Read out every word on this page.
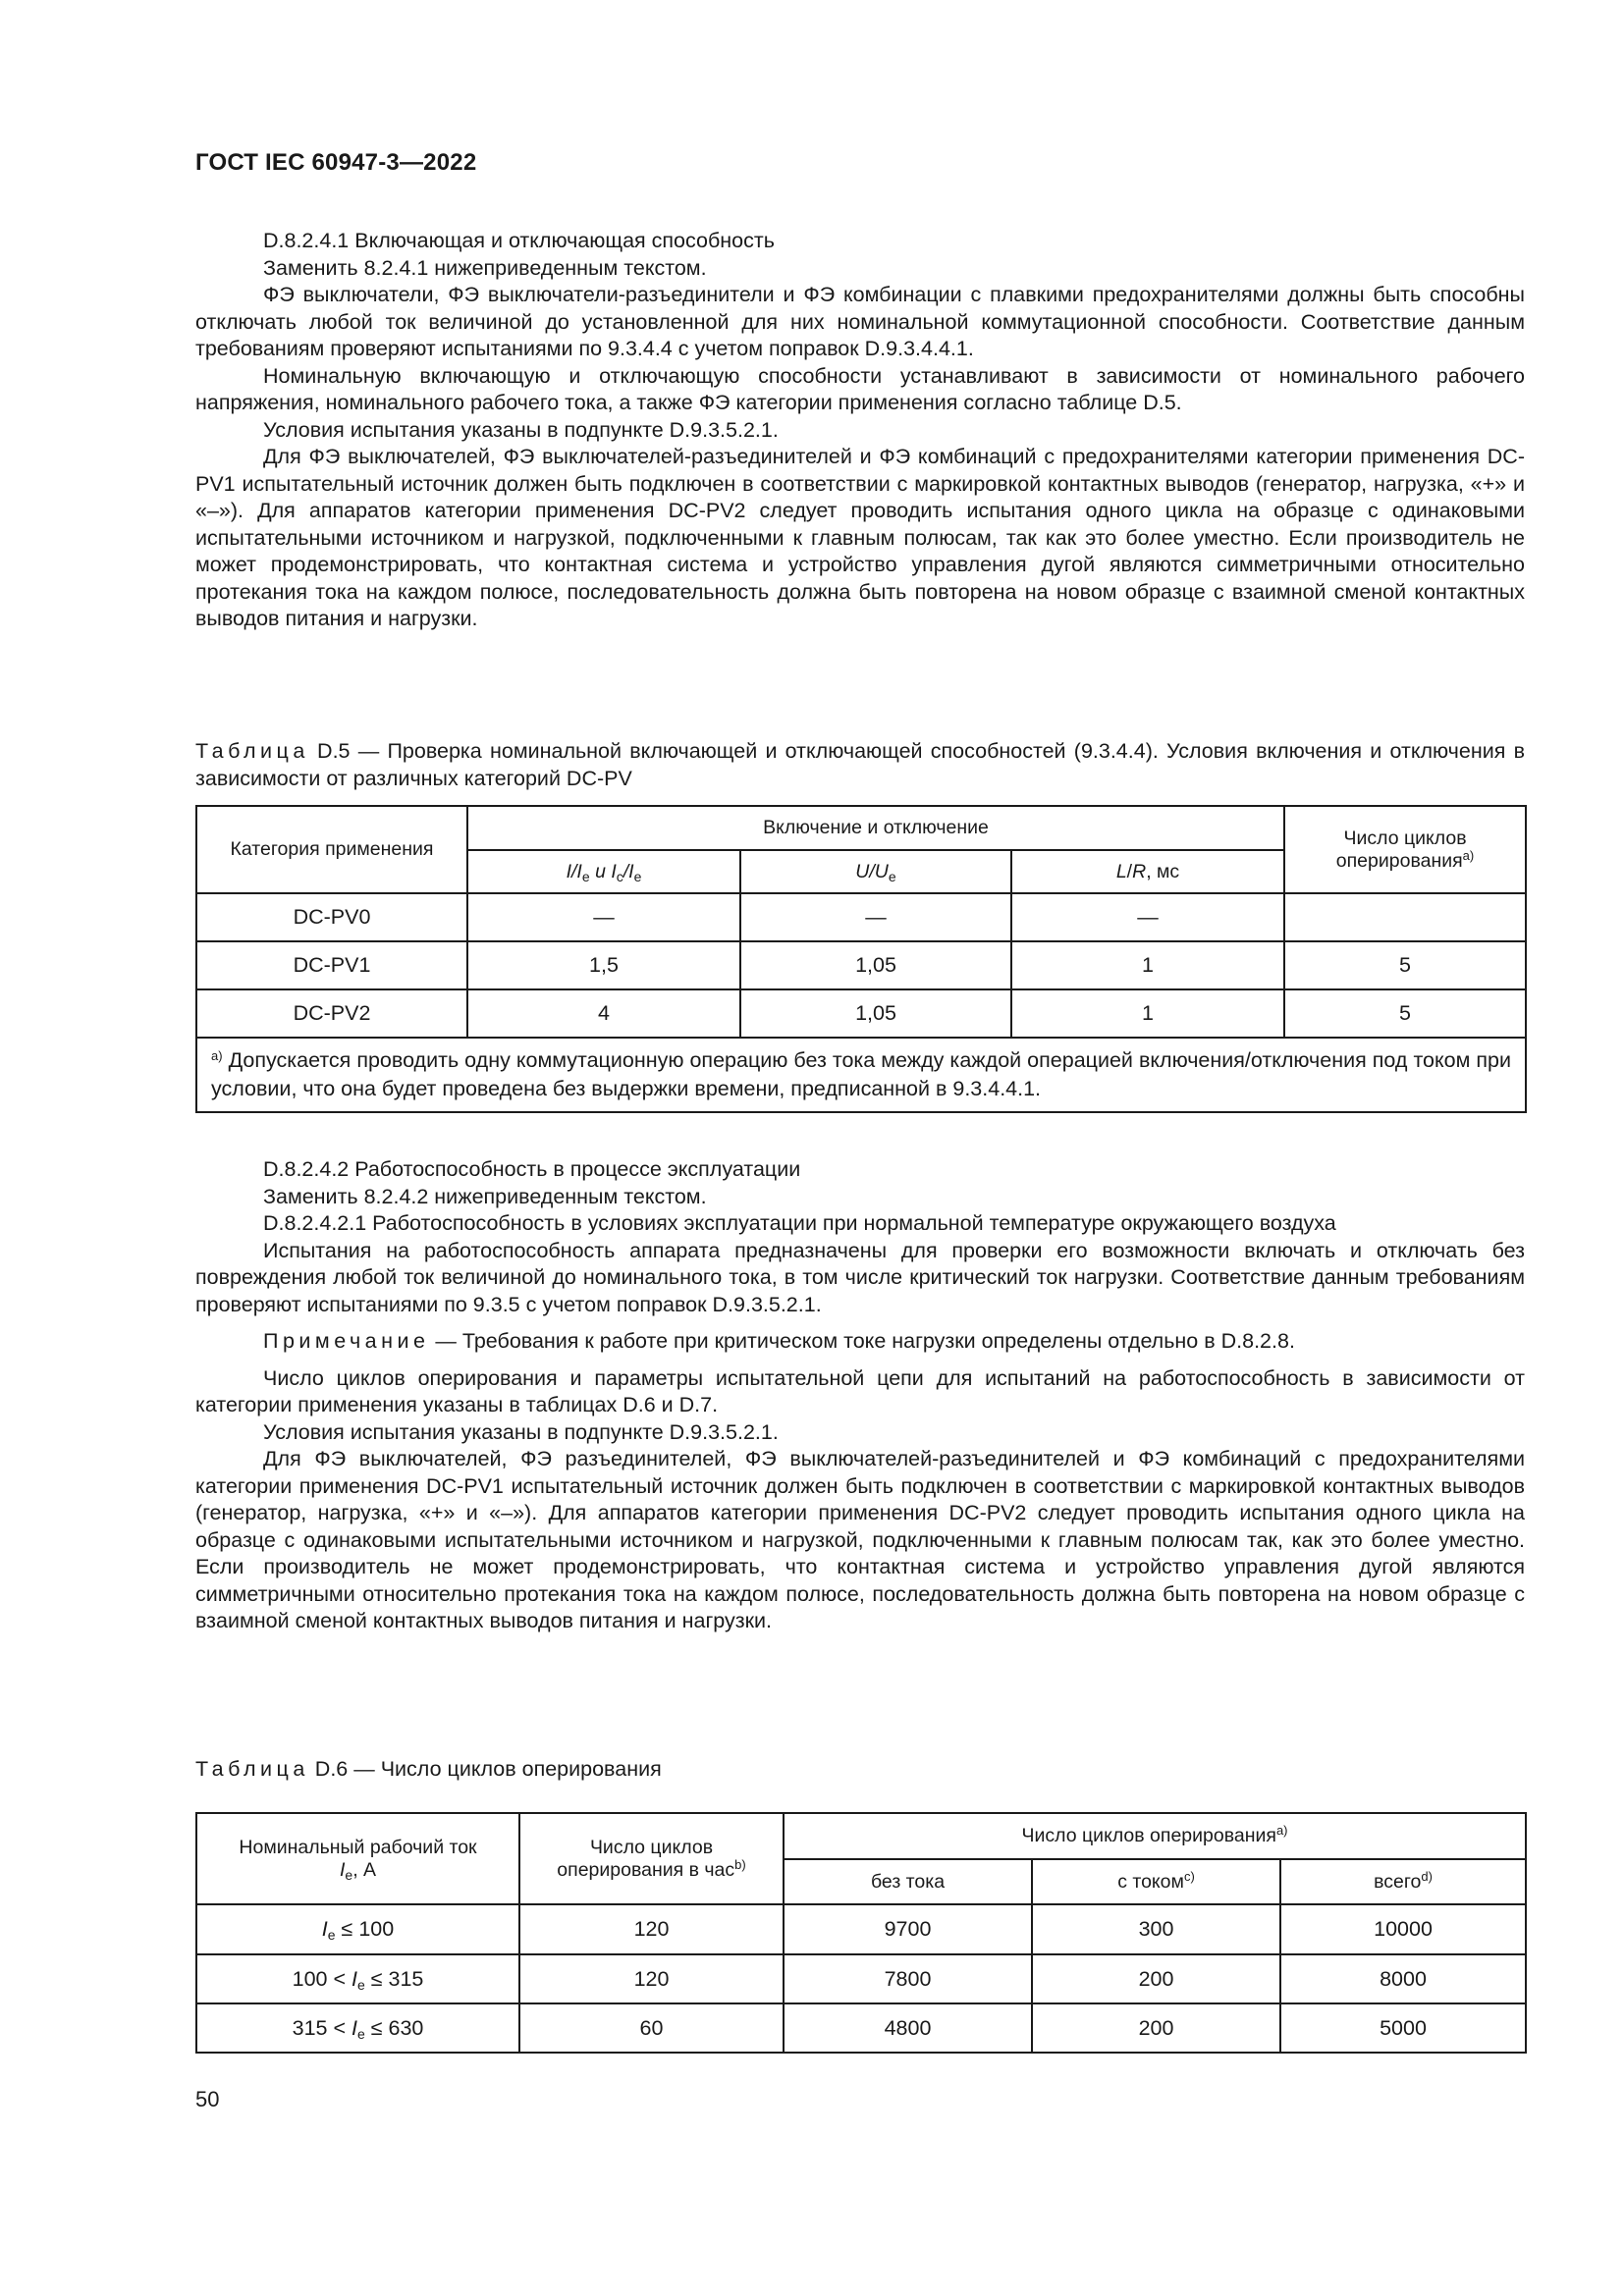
ГОСТ IEC 60947-3—2022

D.8.2.4.1 Включающая и отключающая способность

Заменить 8.2.4.1 нижеприведенным текстом.

ФЭ выключатели, ФЭ выключатели-разъединители и ФЭ комбинации с плавкими предохранителями должны быть способны отключать любой ток величиной до установленной для них номинальной коммутационной способности. Соответствие данным требованиям проверяют испытаниями по 9.3.4.4 с учетом поправок D.9.3.4.4.1.

Номинальную включающую и отключающую способности устанавливают в зависимости от номинального рабочего напряжения, номинального рабочего тока, а также ФЭ категории применения согласно таблице D.5.

Условия испытания указаны в подпункте D.9.3.5.2.1.

Для ФЭ выключателей, ФЭ выключателей-разъединителей и ФЭ комбинаций с предохранителями категории применения DC-PV1 испытательный источник должен быть подключен в соответствии с маркировкой контактных выводов (генератор, нагрузка, «+» и «–»). Для аппаратов категории применения DC-PV2 следует проводить испытания одного цикла на образце с одинаковыми испытательными источником и нагрузкой, подключенными к главным полюсам, так как это более уместно. Если производитель не может продемонстрировать, что контактная система и устройство управления дугой являются симметричными относительно протекания тока на каждом полюсе, последовательность должна быть повторена на новом образце с взаимной сменой контактных выводов питания и нагрузки.

Таблица D.5 — Проверка номинальной включающей и отключающей способностей (9.3.4.4). Условия включения и отключения в зависимости от различных категорий DC-PV
Категория применения	Включение и отключение			Число циклов оперирования$^{a)}$
	$I/I_e$ и $I_c/I_e$	$U/U_e$	L/R, мс	
DC-PV0	—	—	—	
DC-PV1	1,5	1,05	1	5
DC-PV2	4	1,05	1	5
$^{a)}$ Допускается проводить одну коммутационную операцию без тока между каждой операцией включения/отключения под током при условии, что она будет проведена без выдержки времени, предписанной в 9.3.4.4.1.				

D.8.2.4.2 Работоспособность в процессе эксплуатации

Заменить 8.2.4.2 нижеприведенным текстом.

D.8.2.4.2.1 Работоспособность в условиях эксплуатации при нормальной температуре окружающего воздуха

Испытания на работоспособность аппарата предназначены для проверки его возможности включать и отключать без повреждения любой ток величиной до номинального тока, в том числе критический ток нагрузки. Соответствие данным требованиям проверяют испытаниями по 9.3.5 с учетом поправок D.9.3.5.2.1.

Примечание — Требования к работе при критическом токе нагрузки определены отдельно в D.8.2.8.

Число циклов оперирования и параметры испытательной цепи для испытаний на работоспособность в зависимости от категории применения указаны в таблицах D.6 и D.7.

Условия испытания указаны в подпункте D.9.3.5.2.1.

Для ФЭ выключателей, ФЭ разъединителей, ФЭ выключателей-разъединителей и ФЭ комбинаций с предохранителями категории применения DC-PV1 испытательный источник должен быть подключен в соответствии с маркировкой контактных выводов (генератор, нагрузка, «+» и «–»). Для аппаратов категории применения DC-PV2 следует проводить испытания одного цикла на образце с одинаковыми испытательными источником и нагрузкой, подключенными к главным полюсам так, как это более уместно. Если производитель не может продемонстрировать, что контактная система и устройство управления дугой являются симметричными относительно протекания тока на каждом полюсе, последовательность должна быть повторена на новом образце с взаимной сменой контактных выводов питания и нагрузки.

Таблица D.6 — Число циклов оперирования
Номинальный рабочий ток
$I_e$, А	Число циклов оперирования в час$^{b)}$	Число циклов оперирования$^{a)}$
		без тока	с током$^{c)}$	всего$^{d)}$
$I_e \le 100$	120	9700	300	10000
$100 < I_e \le 315$	120	7800	200	8000
$315 < I_e \le 630$	60	4800	200	5000
50
